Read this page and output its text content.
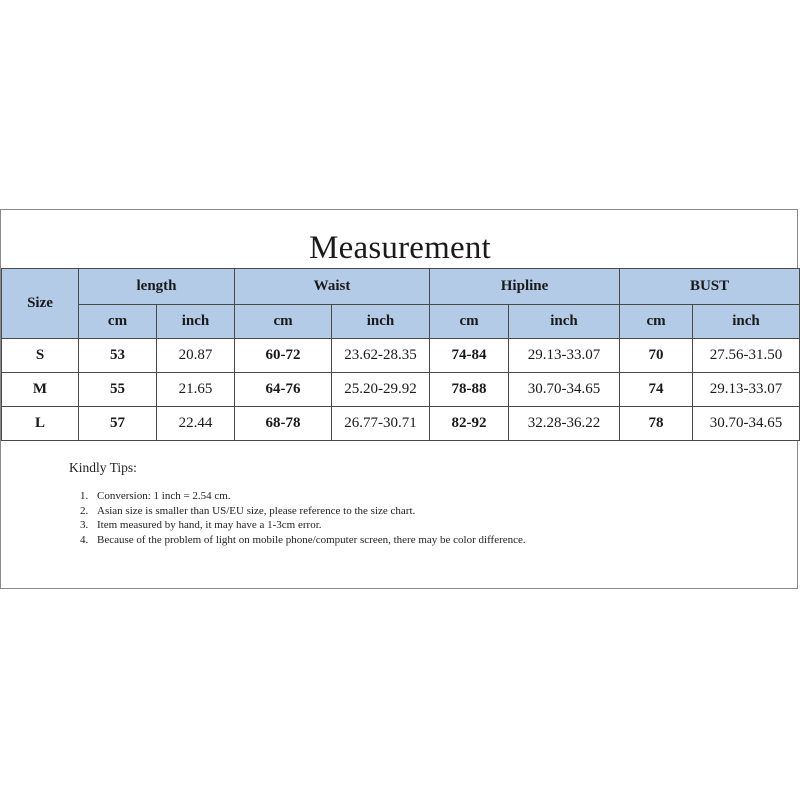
Measurement
Size	length		Waist		Hipline		BUST	
	cm	inch	cm	inch	cm	inch	cm	inch
S	53	20.87	60-72	23.62-28.35	74-84	29.13-33.07	70	27.56-31.50
M	55	21.65	64-76	25.20-29.92	78-88	30.70-34.65	74	29.13-33.07
L	57	22.44	68-78	26.77-30.71	82-92	32.28-36.22	78	30.70-34.65
Kindly Tips:
1. Conversion: 1 inch = 2.54 cm.
2. Asian size is smaller than US/EU size, please reference to the size chart.
3. Item measured by hand, it may have a 1-3cm error.
4. Because of the problem of light on mobile phone/computer screen, there may be color difference.
